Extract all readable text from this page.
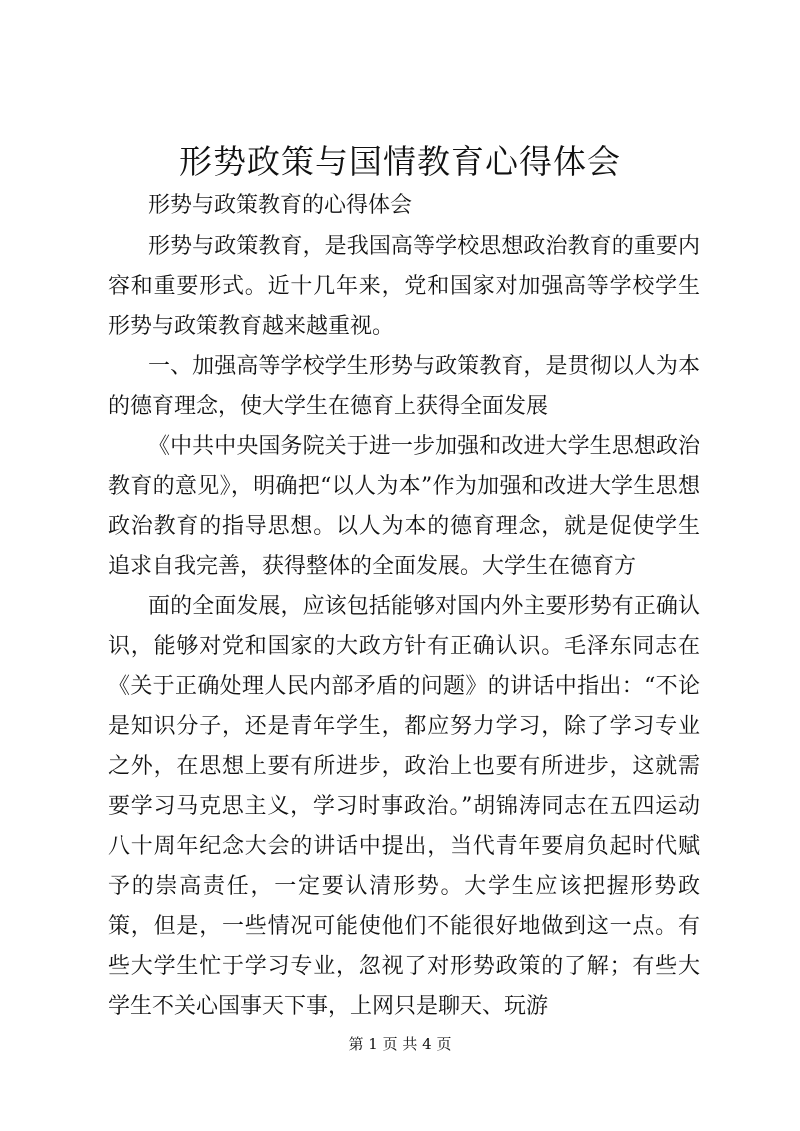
形势政策与国情教育心得体会

形势与政策教育的心得体会

形势与政策教育，是我国高等学校思想政治教育的重要内容和重要形式。近十几年来，党和国家对加强高等学校学生形势与政策教育越来越重视。

一、加强高等学校学生形势与政策教育，是贯彻以人为本的德育理念，使大学生在德育上获得全面发展

《中共中央国务院关于进一步加强和改进大学生思想政治教育的意见》，明确把“以人为本”作为加强和改进大学生思想政治教育的指导思想。以人为本的德育理念，就是促使学生追求自我完善，获得整体的全面发展。大学生在德育方

面的全面发展，应该包括能够对国内外主要形势有正确认识，能够对党和国家的大政方针有正确认识。毛泽东同志在《关于正确处理人民内部矛盾的问题》的讲话中指出：“不论是知识分子，还是青年学生，都应努力学习，除了学习专业之外，在思想上要有所进步，政治上也要有所进步，这就需要学习马克思主义，学习时事政治。”胡锦涛同志在五四运动八十周年纪念大会的讲话中提出，当代青年要肩负起时代赋予的崇高责任，一定要认清形势。大学生应该把握形势政策，但是，一些情况可能使他们不能很好地做到这一点。有些大学生忙于学习专业，忽视了对形势政策的了解；有些大学生不关心国事天下事，上网只是聊天、玩游

第 1 页 共 4 页
